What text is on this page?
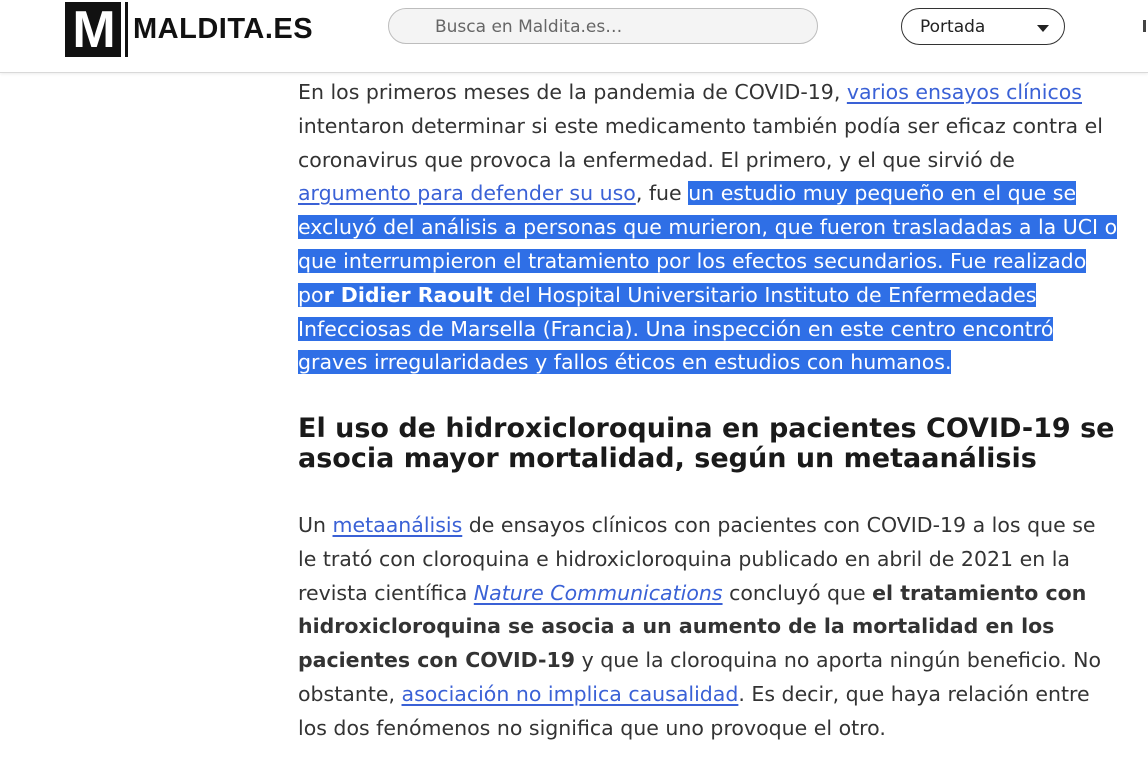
M MALDITA.ES
Busca en Maldita.es…	Portada

En los primeros meses de la pandemia de COVID-19, varios ensayos clínicos intentaron determinar si este medicamento también podía ser eficaz contra el coronavirus que provoca la enfermedad. El primero, y el que sirvió de argumento para defender su uso, fue un estudio muy pequeño en el que se excluyó del análisis a personas que murieron, que fueron trasladadas a la UCI o que interrumpieron el tratamiento por los efectos secundarios. Fue realizado por Didier Raoult del Hospital Universitario Instituto de Enfermedades Infecciosas de Marsella (Francia). Una inspección en este centro encontró graves irregularidades y fallos éticos en estudios con humanos.

El uso de hidroxicloroquina en pacientes COVID-19 se asocia mayor mortalidad, según un metaanálisis

Un metaanálisis de ensayos clínicos con pacientes con COVID-19 a los que se le trató con cloroquina e hidroxicloroquina publicado en abril de 2021 en la revista científica Nature Communications concluyó que el tratamiento con hidroxicloroquina se asocia a un aumento de la mortalidad en los pacientes con COVID-19 y que la cloroquina no aporta ningún beneficio. No obstante, asociación no implica causalidad. Es decir, que haya relación entre los dos fenómenos no significa que uno provoque el otro.
